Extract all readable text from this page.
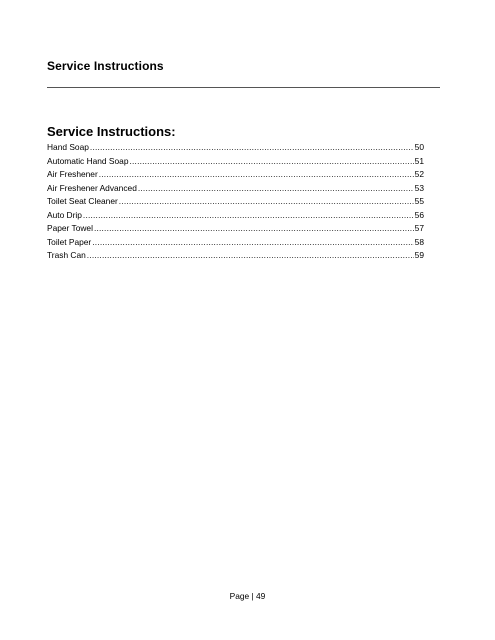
Service Instructions
Service Instructions:
Hand Soap .....	50
Automatic Hand Soap .....	51
Air Freshener .....	52
Air Freshener Advanced .....	53
Toilet Seat Cleaner .....	55
Auto Drip .....	56
Paper Towel .....	57
Toilet Paper .....	58
Trash Can .....	59
Page | 49
